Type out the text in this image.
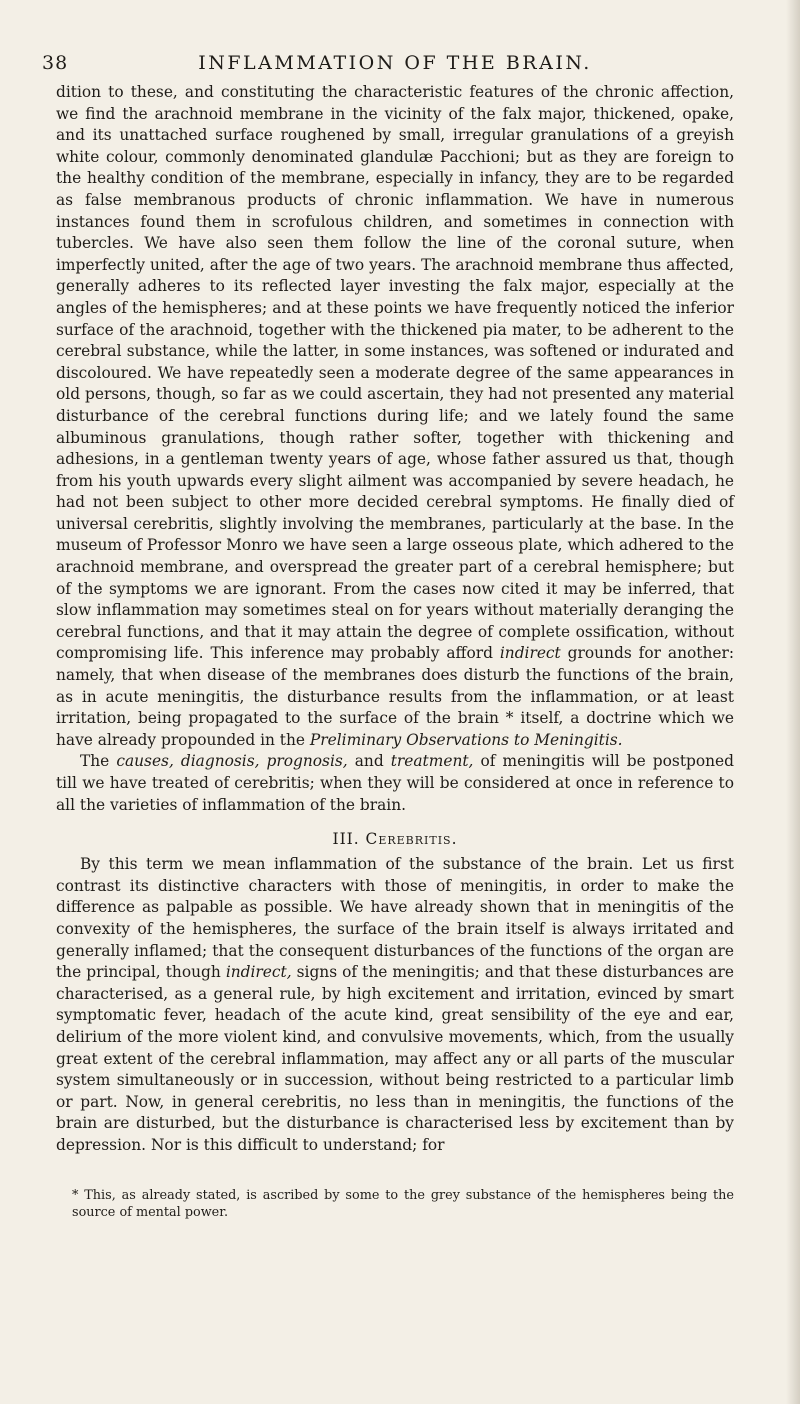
38	INFLAMMATION OF THE BRAIN.

dition to these, and constituting the characteristic features of the chronic affection, we find the arachnoid membrane in the vicinity of the falx major, thickened, opake, and its unattached surface roughened by small, irregular granulations of a greyish white colour, commonly denominated glandulæ Pacchioni; but as they are foreign to the healthy condition of the membrane, especially in infancy, they are to be regarded as false membranous products of chronic inflammation. We have in numerous instances found them in scrofulous children, and sometimes in connection with tubercles. We have also seen them follow the line of the coronal suture, when imperfectly united, after the age of two years. The arachnoid membrane thus affected, generally adheres to its reflected layer investing the falx major, especially at the angles of the hemispheres; and at these points we have frequently noticed the inferior surface of the arachnoid, together with the thickened pia mater, to be adherent to the cerebral substance, while the latter, in some instances, was softened or indurated and discoloured. We have repeatedly seen a moderate degree of the same appearances in old persons, though, so far as we could ascertain, they had not presented any material disturbance of the cerebral functions during life; and we lately found the same albuminous granulations, though rather softer, together with thickening and adhesions, in a gentleman twenty years of age, whose father assured us that, though from his youth upwards every slight ailment was accompanied by severe headach, he had not been subject to other more decided cerebral symptoms. He finally died of universal cerebritis, slightly involving the membranes, particularly at the base. In the museum of Professor Monro we have seen a large osseous plate, which adhered to the arachnoid membrane, and overspread the greater part of a cerebral hemisphere; but of the symptoms we are ignorant. From the cases now cited it may be inferred, that slow inflammation may sometimes steal on for years without materially deranging the cerebral functions, and that it may attain the degree of complete ossification, without compromising life. This inference may probably afford indirect grounds for another: namely, that when disease of the membranes does disturb the functions of the brain, as in acute meningitis, the disturbance results from the inflammation, or at least irritation, being propagated to the surface of the brain * itself, a doctrine which we have already propounded in the Preliminary Observations to Meningitis.

The causes, diagnosis, prognosis, and treatment, of meningitis will be postponed till we have treated of cerebritis; when they will be considered at once in reference to all the varieties of inflammation of the brain.

III. Cerebritis.

By this term we mean inflammation of the substance of the brain. Let us first contrast its distinctive characters with those of meningitis, in order to make the difference as palpable as possible. We have already shown that in meningitis of the convexity of the hemispheres, the surface of the brain itself is always irritated and generally inflamed; that the consequent disturbances of the functions of the organ are the principal, though indirect, signs of the meningitis; and that these disturbances are characterised, as a general rule, by high excitement and irritation, evinced by smart symptomatic fever, headach of the acute kind, great sensibility of the eye and ear, delirium of the more violent kind, and convulsive movements, which, from the usually great extent of the cerebral inflammation, may affect any or all parts of the muscular system simultaneously or in succession, without being restricted to a particular limb or part. Now, in general cerebritis, no less than in meningitis, the functions of the brain are disturbed, but the disturbance is characterised less by excitement than by depression. Nor is this difficult to understand; for

* This, as already stated, is ascribed by some to the grey substance of the hemispheres being the source of mental power.
